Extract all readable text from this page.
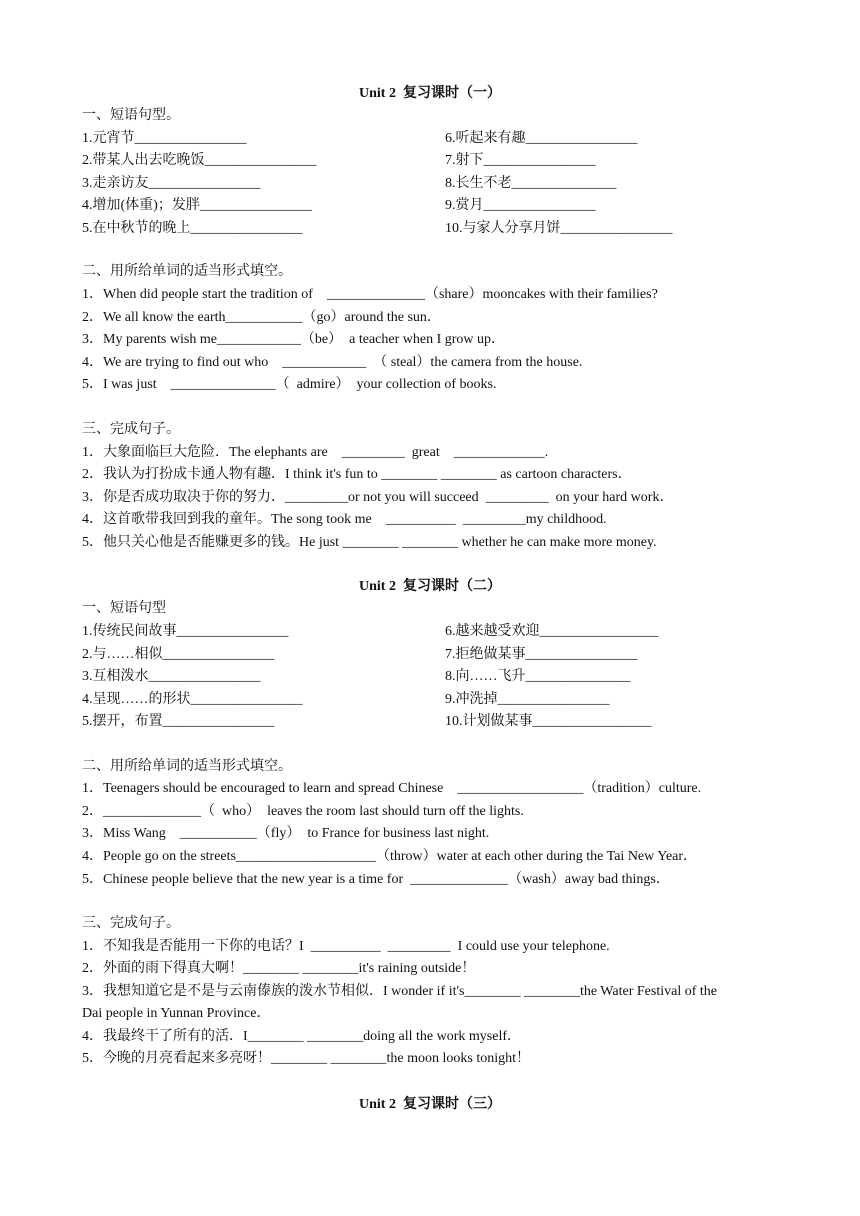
Unit 2  复习课时（一）
一、短语句型。
1.元宵节________________	6.听起来有趣________________
2.带某人出去吃晚饭________________	7.射下________________
3.走亲访友________________	8.长生不老_______________
4.增加(体重)；发胖________________	9.赏月________________
5.在中秋节的晚上________________	10.与家人分享月饼________________
二、用所给单词的适当形式填空。
1．When did people start the tradition of    ______________（share）mooncakes with their families?
2．We all know the earth___________（go）around the sun．
3．My parents wish me____________（be）  a teacher when I grow up．
4．We are trying to find out who    ____________  （ steal）the camera from the house.
5．I was just    _______________（  admire）  your collection of books.
三、完成句子。
1．大象面临巨大危险．The elephants are    _________  great    _____________.
2．我认为打扮成卡通人物有趣．I think it's fun to ________ ________ as cartoon characters．
3．你是否成功取决于你的努力．_________or not you will succeed  _________  on your hard work．
4．这首歌带我回到我的童年。The song took me    __________  _________my childhood.
5．他只关心他是否能赚更多的钱。He just ________ ________ whether he can make more money.
Unit 2  复习课时（二）
一、短语句型
1.传统民间故事________________	6.越来越受欢迎_________________
2.与……相似________________	7.拒绝做某事________________
3.互相泼水________________	8.向……飞升_______________
4.呈现……的形状________________	9.冲洗掉________________
5.摆开，布置________________	10.计划做某事_________________
二、用所给单词的适当形式填空。
1．Teenagers should be encouraged to learn and spread Chinese    __________________（tradition）culture.
2．______________（  who）  leaves the room last should turn off the lights.
3．Miss Wang    ___________（fly）  to France for business last night.
4．People go on the streets____________________（throw）water at each other during the Tai New Year．
5．Chinese people believe that the new year is a time for  ______________（wash）away bad things．
三、完成句子。
1．不知我是否能用一下你的电话？I  __________  _________  I could use your telephone.
2．外面的雨下得真大啊！________ ________it's raining outside！
3．我想知道它是不是与云南傣族的泼水节相似．I wonder if it's________ ________the Water Festival of the
Dai people in Yunnan Province．
4．我最终干了所有的活．I________ ________doing all the work myself．
5．今晚的月亮看起来多亮呀！________ ________the moon looks tonight！
Unit 2  复习课时（三）
